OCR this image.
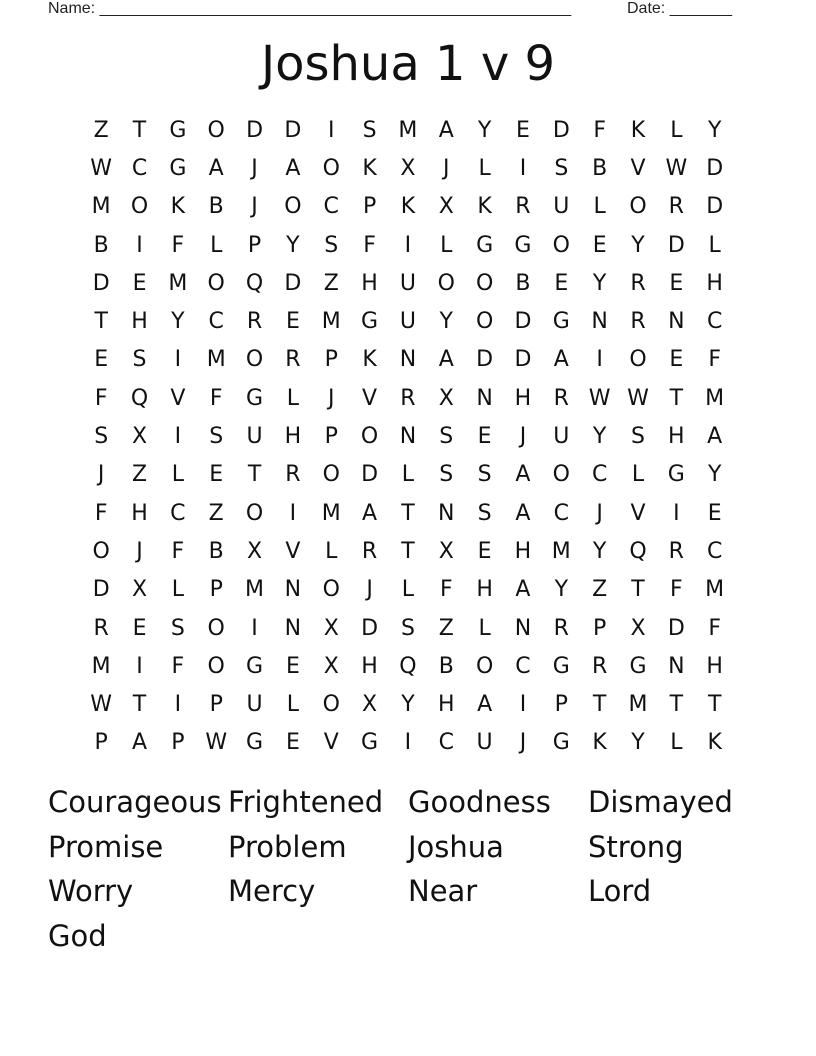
Name: _____________________________________________________	Date: _______
Joshua 1 v 9
Z	T	G O D D	I	S M A	Y	E	D	F	K	L	Y
W C	G	A	J	A	O	K	X	J	L	I	S	B	V W D
M O	K	B	J	O	C	P	K	X	K	R	U	L	O	R	D
B	I	F	L	P	Y	S	F	I	L	G G O	E	Y	D	L
D	E M O Q D	Z	H	U O O	B	E	Y	R	E	H
T	H	Y	C	R	E M G U	Y	O D G N	R	N	C
E	S	I	M O	R	P	K	N	A	D D	A	I	O	E	F
F	Q	V	F	G	L	J	V	R	X	N H	R W W T	M
S	X	I	S	U	H	P	O N	S	E	J	U	Y	S	H	A
J	Z	L	E	T	R	O D	L	S	S	A	O	C	L	G	Y
F	H	C	Z	O	I	M A	T	N	S	A	C	J	V	I	E
O	J	F	B	X	V	L	R	T	X	E	H M	Y	Q	R	C
D	X	L	P	M N O	J	L	F	H	A	Y	Z	T	F	M
R	E	S	O	I	N	X	D	S	Z	L	N	R	P	X	D	F
M	I	F	O G	E	X	H Q	B	O	C	G	R	G N H
W T	I	P	U	L	O	X	Y	H	A	I	P	T	M	T	T
P	A	P W G	E	V	G	I	C	U	J	G	K	Y	L	K
Courageous Frightened Goodness	Dismayed
Promise	Problem	Joshua	Strong
Worry	Mercy	Near	Lord
God
